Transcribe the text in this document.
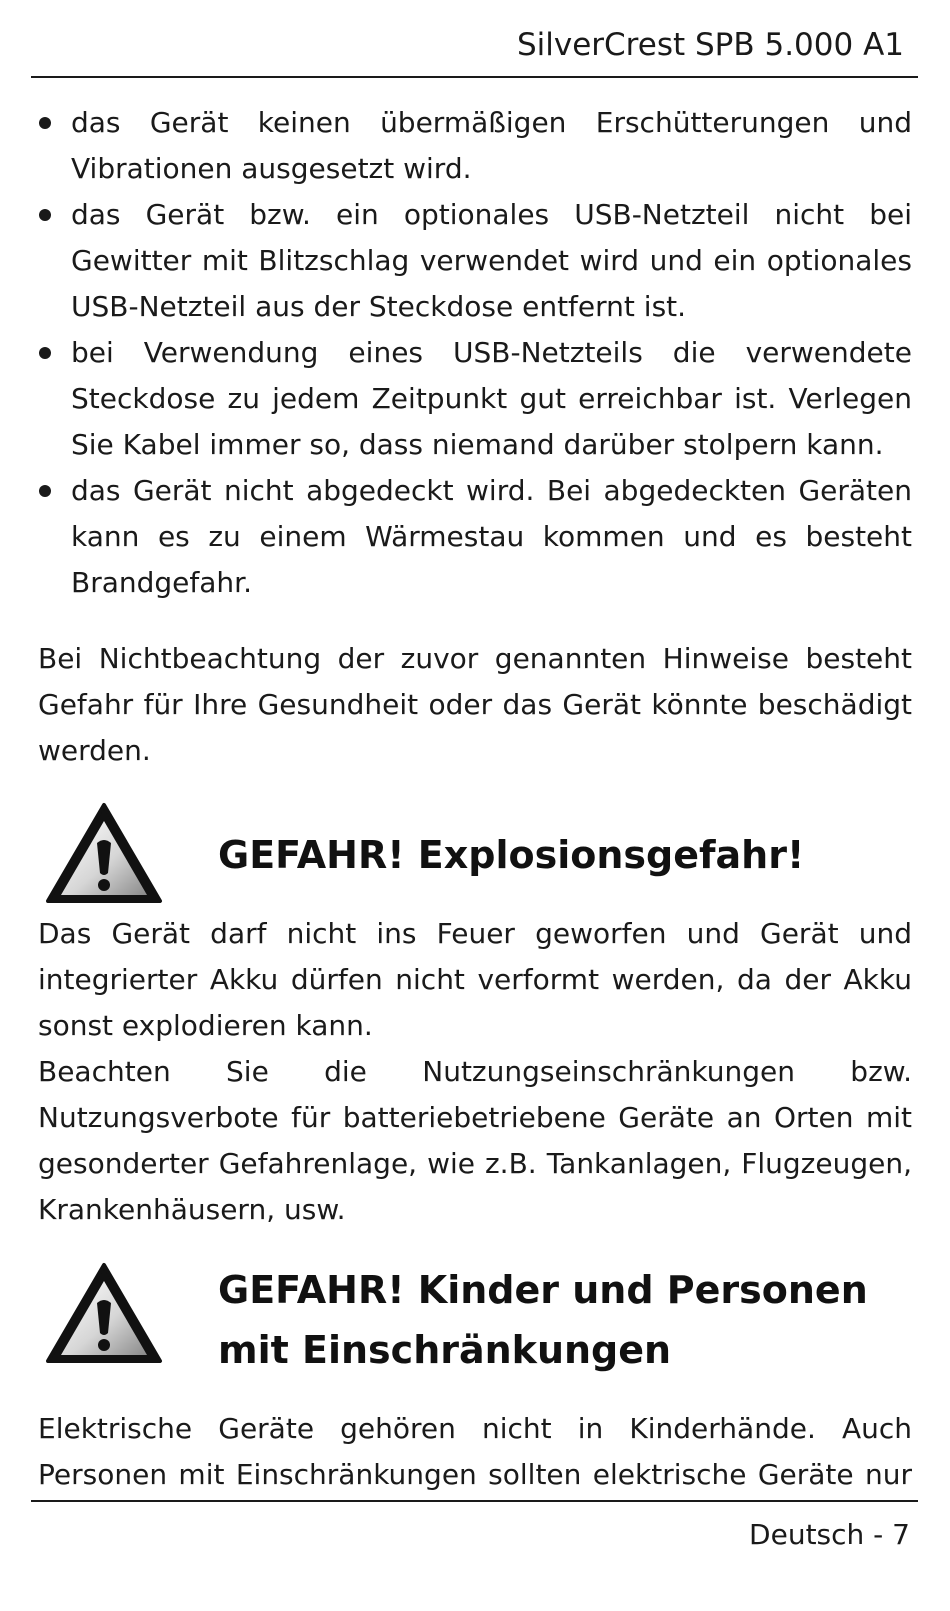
SilverCrest SPB 5.000 A1
das Gerät keinen übermäßigen Erschütterungen und Vibrationen ausgesetzt wird.
das Gerät bzw. ein optionales USB-Netzteil nicht bei Gewitter mit Blitzschlag verwendet wird und ein optionales USB-Netzteil aus der Steckdose entfernt ist.
bei Verwendung eines USB-Netzteils die verwendete Steckdose zu jedem Zeitpunkt gut erreichbar ist. Verlegen Sie Kabel immer so, dass niemand darüber stolpern kann.
das Gerät nicht abgedeckt wird. Bei abgedeckten Geräten kann es zu einem Wärmestau kommen und es besteht Brandgefahr.

Bei Nichtbeachtung der zuvor genannten Hinweise besteht Gefahr für Ihre Gesundheit oder das Gerät könnte beschädigt werden.

GEFAHR! Explosionsgefahr!

Das Gerät darf nicht ins Feuer geworfen und Gerät und integrierter Akku dürfen nicht verformt werden, da der Akku sonst explodieren kann.

Beachten Sie die Nutzungseinschränkungen bzw. Nutzungsverbote für batteriebetriebene Geräte an Orten mit gesonderter Gefahrenlage, wie z.B. Tankanlagen, Flugzeugen, Krankenhäusern, usw.

GEFAHR! Kinder und Personen
mit Einschränkungen

Elektrische Geräte gehören nicht in Kinderhände. Auch Personen mit Einschränkungen sollten elektrische Geräte nur

Deutsch - 7
